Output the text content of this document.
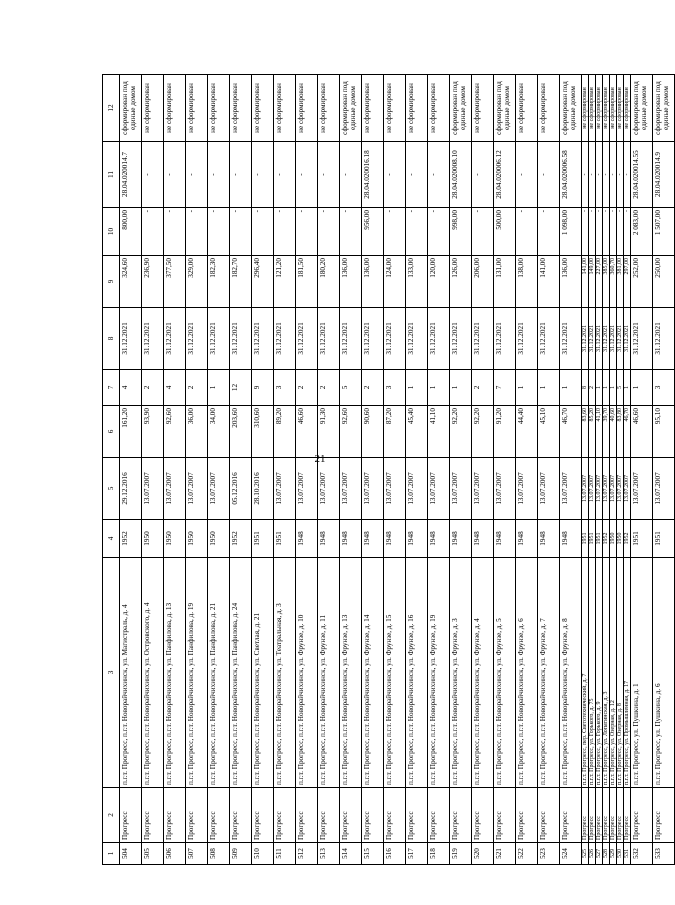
21
1	2	3	4	5	6	7	8	9	10	11	12
504	Прогресс	п.г.т. Прогресс, п.г.т. Новорайчихинск, ул. Магистраль, д. 4	1952	29.12.2016	161,20	4	31.12.2021	324,60	800,00	28.04.020014.7	сформирован под единые домом
505	Прогресс	п.г.т. Прогресс, п.г.т. Новорайчихинск, ул. Островского, д. 4	1950	13.07.2007	93,90	2	31.12.2021	236,90	-	-	не сформирован
506	Прогресс	п.г.т. Прогресс, п.г.т. Новорайчихинск, ул. Панфилова, д. 13	1950	13.07.2007	92,60	4	31.12.2021	377,50	-	-	не сформирован
507	Прогресс	п.г.т. Прогресс, п.г.т. Новорайчихинск, ул. Панфилова, д. 19	1950	13.07.2007	36,00	2	31.12.2021	329,00	-	-	не сформирован
508	Прогресс	п.г.т. Прогресс, п.г.т. Новорайчихинск, ул. Панфилова, д. 21	1950	13.07.2007	34,00	1	31.12.2021	182,30	-	-	не сформирован
509	Прогресс	п.г.т. Прогресс, п.г.т. Новорайчихинск, ул. Панфилова, д. 24	1952	05.12.2016	203,60	12	31.12.2021	182,70	-	-	не сформирован
510	Прогресс	п.г.т. Прогресс, п.г.т. Новорайчихинск, ул. Светлая, д. 21	1951	28.10.2016	310,60	9	31.12.2021	296,40	-	-	не сформирован
511	Прогресс	п.г.т. Прогресс, п.г.т. Новорайчихинск, ул. Театральная, д. 3	1951	13.07.2007	89,20	3	31.12.2021	121,20	-	-	не сформирован
512	Прогресс	п.г.т. Прогресс, п.г.т. Новорайчихинск, ул. Фрунзе, д. 10	1948	13.07.2007	46,60	2	31.12.2021	181,50	-	-	не сформирован
513	Прогресс	п.г.т. Прогресс, п.г.т. Новорайчихинск, ул. Фрунзе, д. 11	1948	13.07.2007	91,30	2	31.12.2021	180,20	-	-	не сформирован
514	Прогресс	п.г.т. Прогресс, п.г.т. Новорайчихинск, ул. Фрунзе, д. 13	1948	13.07.2007	92,60	5	31.12.2021	136,00	-	-	сформирован под единые домом
515	Прогресс	п.г.т. Прогресс, п.г.т. Новорайчихинск, ул. Фрунзе, д. 14	1948	13.07.2007	90,60	2	31.12.2021	136,00	956,00	28.04.020016.18	не сформирован
516	Прогресс	п.г.т. Прогресс, п.г.т. Новорайчихинск, ул. Фрунзе, д. 15	1948	13.07.2007	87,20	3	31.12.2021	124,00	-	-	не сформирован
517	Прогресс	п.г.т. Прогресс, п.г.т. Новорайчихинск, ул. Фрунзе, д. 16	1948	13.07.2007	45,40	1	31.12.2021	133,00	-	-	не сформирован
518	Прогресс	п.г.т. Прогресс, п.г.т. Новорайчихинск, ул. Фрунзе, д. 19	1948	13.07.2007	41,10	1	31.12.2021	120,00	-	-	не сформирован
519	Прогресс	п.г.т. Прогресс, п.г.т. Новорайчихинск, ул. Фрунзе, д. 3	1948	13.07.2007	92,20	1	31.12.2021	126,00	998,00	28.04.020008.10	сформирован под единые домом
520	Прогресс	п.г.т. Прогресс, п.г.т. Новорайчихинск, ул. Фрунзе, д. 4	1948	13.07.2007	92,20	2	31.12.2021	206,00	-	-	не сформирован
521	Прогресс	п.г.т. Прогресс, п.г.т. Новорайчихинск, ул. Фрунзе, д. 5	1948	13.07.2007	91,20	7	31.12.2021	131,00	500,00	28.04.020006.12	сформирован под единые домом
522	Прогресс	п.г.т. Прогресс, п.г.т. Новорайчихинск, ул. Фрунзе, д. 6	1948	13.07.2007	44,40	1	31.12.2021	138,00	-	-	не сформирован
523	Прогресс	п.г.т. Прогресс, п.г.т. Новорайчихинск, ул. Фрунзе, д. 7	1948	13.07.2007	45,10	1	31.12.2021	141,00	-	-	не сформирован
524	Прогресс	п.г.т. Прогресс, п.г.т. Новорайчихинск, ул. Фрунзе, д. 8	1948	13.07.2007	46,70	1	31.12.2021	136,00	1 098,00	28.04.020006.58	сформирован под единые домом
525	Прогресс	п.г.т. Прогресс, пер. Светотехнический, д. 7	1951	13.07.2007	83,60	8	31.12.2021	141,00	-	-	не сформирован
526	Прогресс	п.г.т. Прогресс, ул. Горького, д. 75	1951	13.07.2007	85,20	2	31.12.2021	149,00	-	-	не сформирован
527	Прогресс	п.г.т. Прогресс, ул. Горького, д. 9	1951	13.07.2007	41,10	1	31.12.2021	227,00	-	-	не сформирован
528	Прогресс	п.г.т. Прогресс, ул. Лопатинская, д. 3	1952	13.07.2007	39,70	1	31.12.2021	385,00	-	-	не сформирован
529	Прогресс	п.г.т. Прогресс, ул. Озерная, д. 12	1950	13.07.2007	40,60	1	31.12.2021	360,70	-	-	не сформирован
530	Прогресс	п.г.т. Прогресс, ул. Озерная, д. 8	1950	13.07.2007	83,80	5	31.12.2021	381,00	-	-	не сформирован
531	Прогресс	п.г.т. Прогресс, ул. Промышленная, д. 17	1952	13.07.2007	46,70	1	31.12.2021	297,00	-	-	не сформирован
532	Прогресс	п.г.т. Прогресс, ул. Пушкина, д. 1	1951	13.07.2007	46,60	1	31.12.2021	252,00	2 083,00	28.04.020014.55	сформирован под единые домом
533	Прогресс	п.г.т. Прогресс, ул. Пушкина, д. 6	1951	13.07.2007	95,10	3	31.12.2021	250,00	1 507,00	28.04.020014.9	сформирован под единые домом
